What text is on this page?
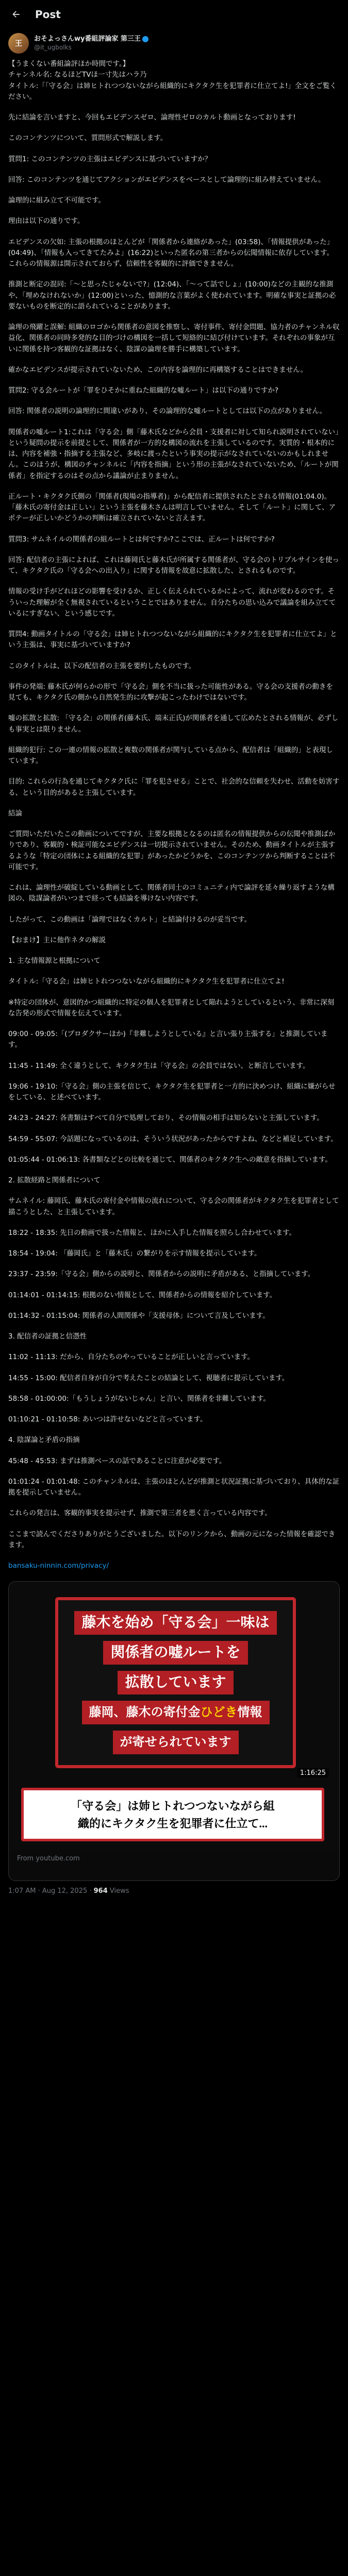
Post
王
おそよっさんwy番組評論家 第三王
@it_ugbolks

【うまくない番組論評ほか時間です。】
チャンネル名: なるほどTVほ一寸先はハラ乃
タイトル:「「守る会」は姉ヒトれつつないながら組織的にキクタク生を犯罪者に仕立てよ!」全文をご覧ください。

先に結論を言いますと、今回もエビデンスゼロ、論理性ゼロのカルト動画となっております!

このコンテンツについて、質問形式で解説します。

質問1: このコンテンツの主張はエビデンスに基づいていますか？

回答: このコンテンツを通じてアクションがエビデンスをベースとして論理的に組み替えていません。

論理的に組み立て不可能です。

理由は以下の通りです。

エビデンスの欠如: 主張の根拠のほとんどが「関係者から連絡があった」(03:58)、「情報提供があった」(04:49)、「情報も入ってきてたみよ」(16:22)といった匿名の第三者からの伝聞情報に依存しています。これらの情報源は開示されておらず、信頼性を客観的に評価できません。

推測と断定の混同:「〜と思ったじゃないで?」(12:04)、「〜って話でしょ」(10:00)などの主観的な推測や、「埋めなけれないか」(12:00)といった、憶測的な言葉がよく使われています。明確な事実と証拠の必要ないものを断定的に語られていることがあります。

論理の飛躍と誤解: 組織のロゴから関係者の意図を推察し、寄付事件、寄付金問題、協力者のチャンネル収益化、関係者の同時多発的な目的づけの構図を一括して短絡的に結び付けています。それぞれの事象が互いに関係を持つ客観的な証拠はなく、陰謀の論理を勝手に構築しています。

確かなエビデンスが提示されていないため、この内容を論理的に再構築することはできません。

質問2: 守る会ルートが「罪をひそかに重ねた組織的な嘘ルート」は以下の通りですか?

回答: 関係者の説明の論理的に間違いがあり、その論理的な嘘ルートとしては以下の点がありません。

関係者の嘘ルート1:これは「守る会」側「藤木氏などから会員・支援者に対して知られ説明されていない」という疑問の提示を前提として、関係者が一方的な構図の流れを主張しているのです。実質的・根本的には、内容を補強・指摘する主張など、多岐に渡ったという事実の提示がなされていないのかもしれません。このほうが、構図のチャンネルに「内容を指摘」という形の主張がなされていないため、「ルートが関係者」を指定するのはその点から議論が止まりません。

正ルート・キクタク氏側の「関係者(現場の指導者)」から配信者に提供されたとされる情報(01:04.0)。「藤木氏の寄付金は正しい」という主張を藤木さんは明言していません。そして「ルート」に関して、アポテーが正しいかどうかの判断は確立されていないと言えます。

質問3: サムネイルの関係者の組ルートとは何ですか?ここでは、正ルートは何ですか?

回答: 配信者の主張によれば、これは藤岡氏と藤木氏が所属する関係者が、守る会のトリプルサインを使って、キクタク氏の「守る会への出入り」に関する情報を故意に拡散した、とされるものです。

情報の受け手がどれほどの影響を受けるか、正しく伝えられているかによって、流れが変わるのです。そういった理解が全く無視されているということではありません。自分たちの思い込みで議論を組み立てているにすぎない、という感じです。

質問4: 動画タイトルの「守る会」は姉ヒトれつつないながら組織的にキクタク生を犯罪者に仕立てよ」という主張は、事実に基づいていますか?

このタイトルは、以下の配信者の主張を要約したものです。

事件の発端: 藤木氏が何らかの形で「守る会」側を不当に扱った可能性がある。守る会の支援者の動きを見ても、キクタク氏の側から自然発生的に攻撃が起こったわけではないです。

嘘の拡散と拡散: 「守る会」の関係者(藤木氏、端末正氏)が関係者を通して広めたとされる情報が、必ずしも事実とは限りません。

組織的犯行: この一連の情報の拡散と複数の関係者が関与している点から、配信者は「組織的」と表現しています。

目的: これらの行為を通じてキクタク氏に「罪を犯させる」ことで、社会的な信頼を失わせ、活動を妨害する、という目的があると主張しています。

結論

ご質問いただいたこの動画についてですが、主要な根拠となるのは匿名の情報提供からの伝聞や推測ばかりであり、客観的・検証可能なエビデンスは一切提示されていません。そのため、動画タイトルが主張するような「特定の団体による組織的な犯罪」があったかどうかを、このコンテンツから判断することは不可能です。

これは、論理性が破綻している動画として、関係者同士のコミュニティ内で論評を延々繰り返すような構図の、陰謀論者がいつまで経っても結論を導けない内容です。

したがって、この動画は「論理ではなくカルト」と結論付けるのが妥当です。

【おまけ】主に他作ネタの解説

1. 主な情報源と根拠について

タイトル:「守る会」は姉ヒトれつつないながら組織的にキクタク生を犯罪者に仕立てよ!

※特定の団体が、意図的かつ組織的に特定の個人を犯罪者として陥れようとしているという、非常に深刻な告発の形式で情報を伝えています。

09:00 - 09:05:「(プロダクサーほか)『非難しようとしている』と言い張り主張する」と推測しています。

11:45 - 11:49: 全く違うとして、キクタク生は「守る会」の会員ではない、と断言しています。

19:06 - 19:10:「守る会」側の主張を信じて、キクタク生を犯罪者と一方的に決めつけ、組織に嫌がらせをしている、と述べています。

24:23 - 24:27: 各書類はすべて自分で処理しており、その情報の相手は知らないと主張しています。

54:59 - 55:07: 今話題になっているのは、そういう状況があったからですよね、などと補足しています。

01:05:44 - 01:06:13: 各書類などとの比較を通じて、関係者のキクタク生への敵意を指摘しています。

2. 拡散経路と関係者について

サムネイル: 藤岡氏、藤木氏の寄付金や情報の流れについて、守る会の関係者がキクタク生を犯罪者として描こうとした、と主張しています。

18:22 - 18:35: 先日の動画で扱った情報と、ほかに入手した情報を照らし合わせています。

18:54 - 19:04: 「藤岡氏」と「藤木氏」の繋がりを示す情報を提示しています。

23:37 - 23:59:「守る会」側からの説明と、関係者からの説明に矛盾がある、と指摘しています。

01:14:01 - 01:14:15: 根拠のない情報として、関係者からの情報を紹介しています。

01:14:32 - 01:15:04: 関係者の人間関係や「支援母体」について言及しています。

3. 配信者の証拠と信憑性

11:02 - 11:13: だから、自分たちのやっていることが正しいと言っています。

14:55 - 15:00: 配信者自身が自分で考えたことの結論として、視聴者に提示しています。

58:58 - 01:00:00:「もうしょうがないじゃん」と言い、関係者を非難しています。

01:10:21 - 01:10:58: あいつは許せないなどと言っています。

4. 陰謀論と矛盾の指摘

45:48 - 45:53: まずは推測ベースの話であることに注意が必要です。

01:01:24 - 01:01:48: このチャンネルは、主張のほとんどが推測と状況証拠に基づいており、具体的な証拠を提示していません。

これらの発言は、客観的事実を提示せず、推測で第三者を悪く言っている内容です。

ここまで読んでくださりありがとうございました。以下のリンクから、動画の元になった情報を確認できます。

bansaku-ninnin.com/privacy/

藤木を始め「守る会」一味は
関係者の嘘ルートを
拡散しています
藤岡、藤木の寄付金ひどき情報
が寄せられています
1:16:25
「守る会」は姉ヒトれつつないながら組
織的にキクタク生を犯罪者に仕立て...
From youtube.com
1:07 AM · Aug 12, 2025 · 964 Views
